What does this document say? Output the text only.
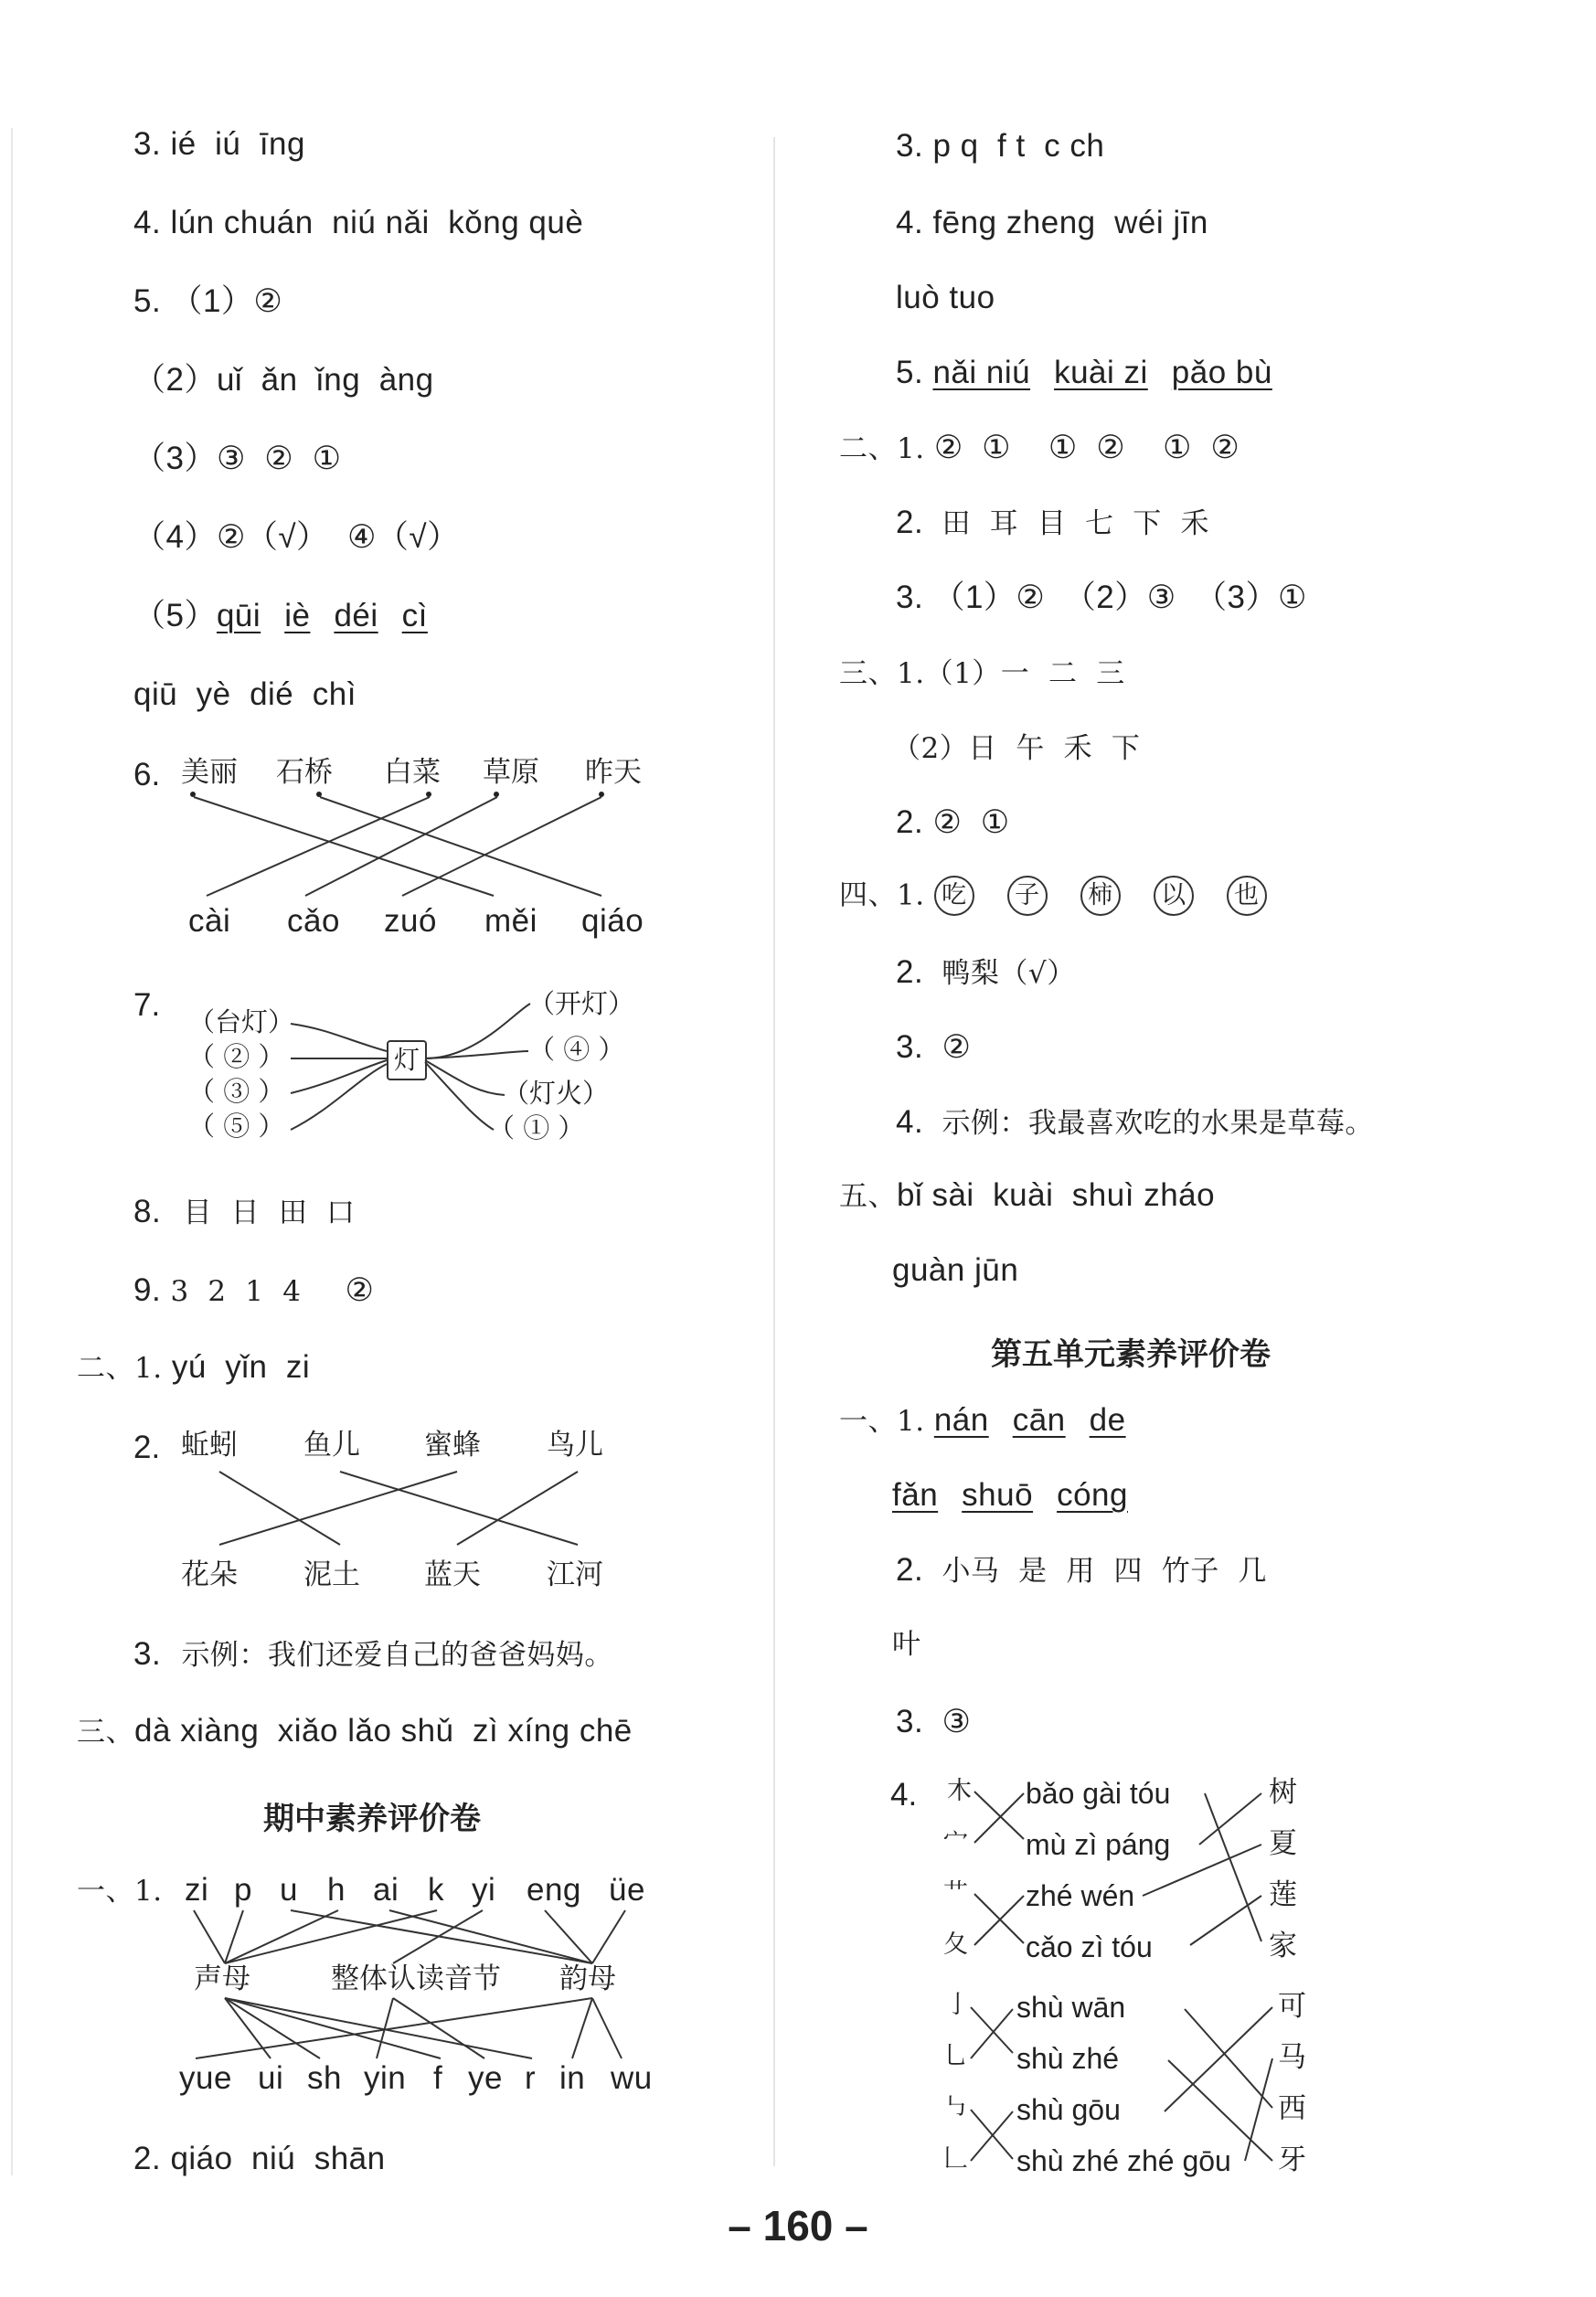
3. ié  iú  īng
4. lún chuán  niú nǎi  kǒng què
5. （1）②
（2）uǐ  ǎn  ǐng  àng
（3）③  ②  ①
（4）②（√）  ④（√）
（5）qūi iè déi cì
qiū  yè  dié  chì
6. 美丽 石桥 白菜 草原 昨天
cài cǎo zuó měi qiáo
7. （台灯）
（ ② ）
（ ③ ）
（ ⑤ ）
灯
（开灯）
（ ④ ）
（灯火）
（ ① ）
8. 目  日  田  口
9. 3  2  1  4 ②
二、1. yú  yǐn  zi
2. 蚯蚓 鱼儿 蜜蜂 鸟儿
花朵 泥土 蓝天 江河
3. 示例：我们还爱自己的爸爸妈妈。
三、dà xiàng  xiǎo lǎo shǔ  zì xíng chē
期中素养评价卷
一、1. zi p u h ai k yi eng üe
声母	整体认读音节 韵母
yue ui sh yin f ye r in wu
2. qiáo  niú  shān
3. p q  f t  c ch
4. fēng zheng  wéi jīn
luò tuo
5. nǎi niú kuài zi pǎo bù
二、1. ②  ①    ①  ②    ①  ②
2. 田  耳  目  七  下  禾
3. （1）②  （2）③  （3）①
三、1.（1）一  二  三
（2）日  午  禾  下
2. ②  ①
四、1. 吃 子 柿 以 也
2. 鸭梨（√）
3. ②
4. 示例：我最喜欢吃的水果是草莓。
五、bǐ sài  kuài  shuì zháo
guàn jūn
第五单元素养评价卷
一、1. nán cān de
fǎn shuō cóng
2. 小马  是  用  四  竹子  几
叶
3. ③
4. 木
宀
艹
夂
bǎo gài tóu
mù zì páng
zhé wén
cǎo zì tóu
树
夏
莲
家
亅
乚
㇉
𠃊
shù wān
shù zhé
shù gōu
shù zhé zhé gōu
可
马
西
牙
– 160 –
